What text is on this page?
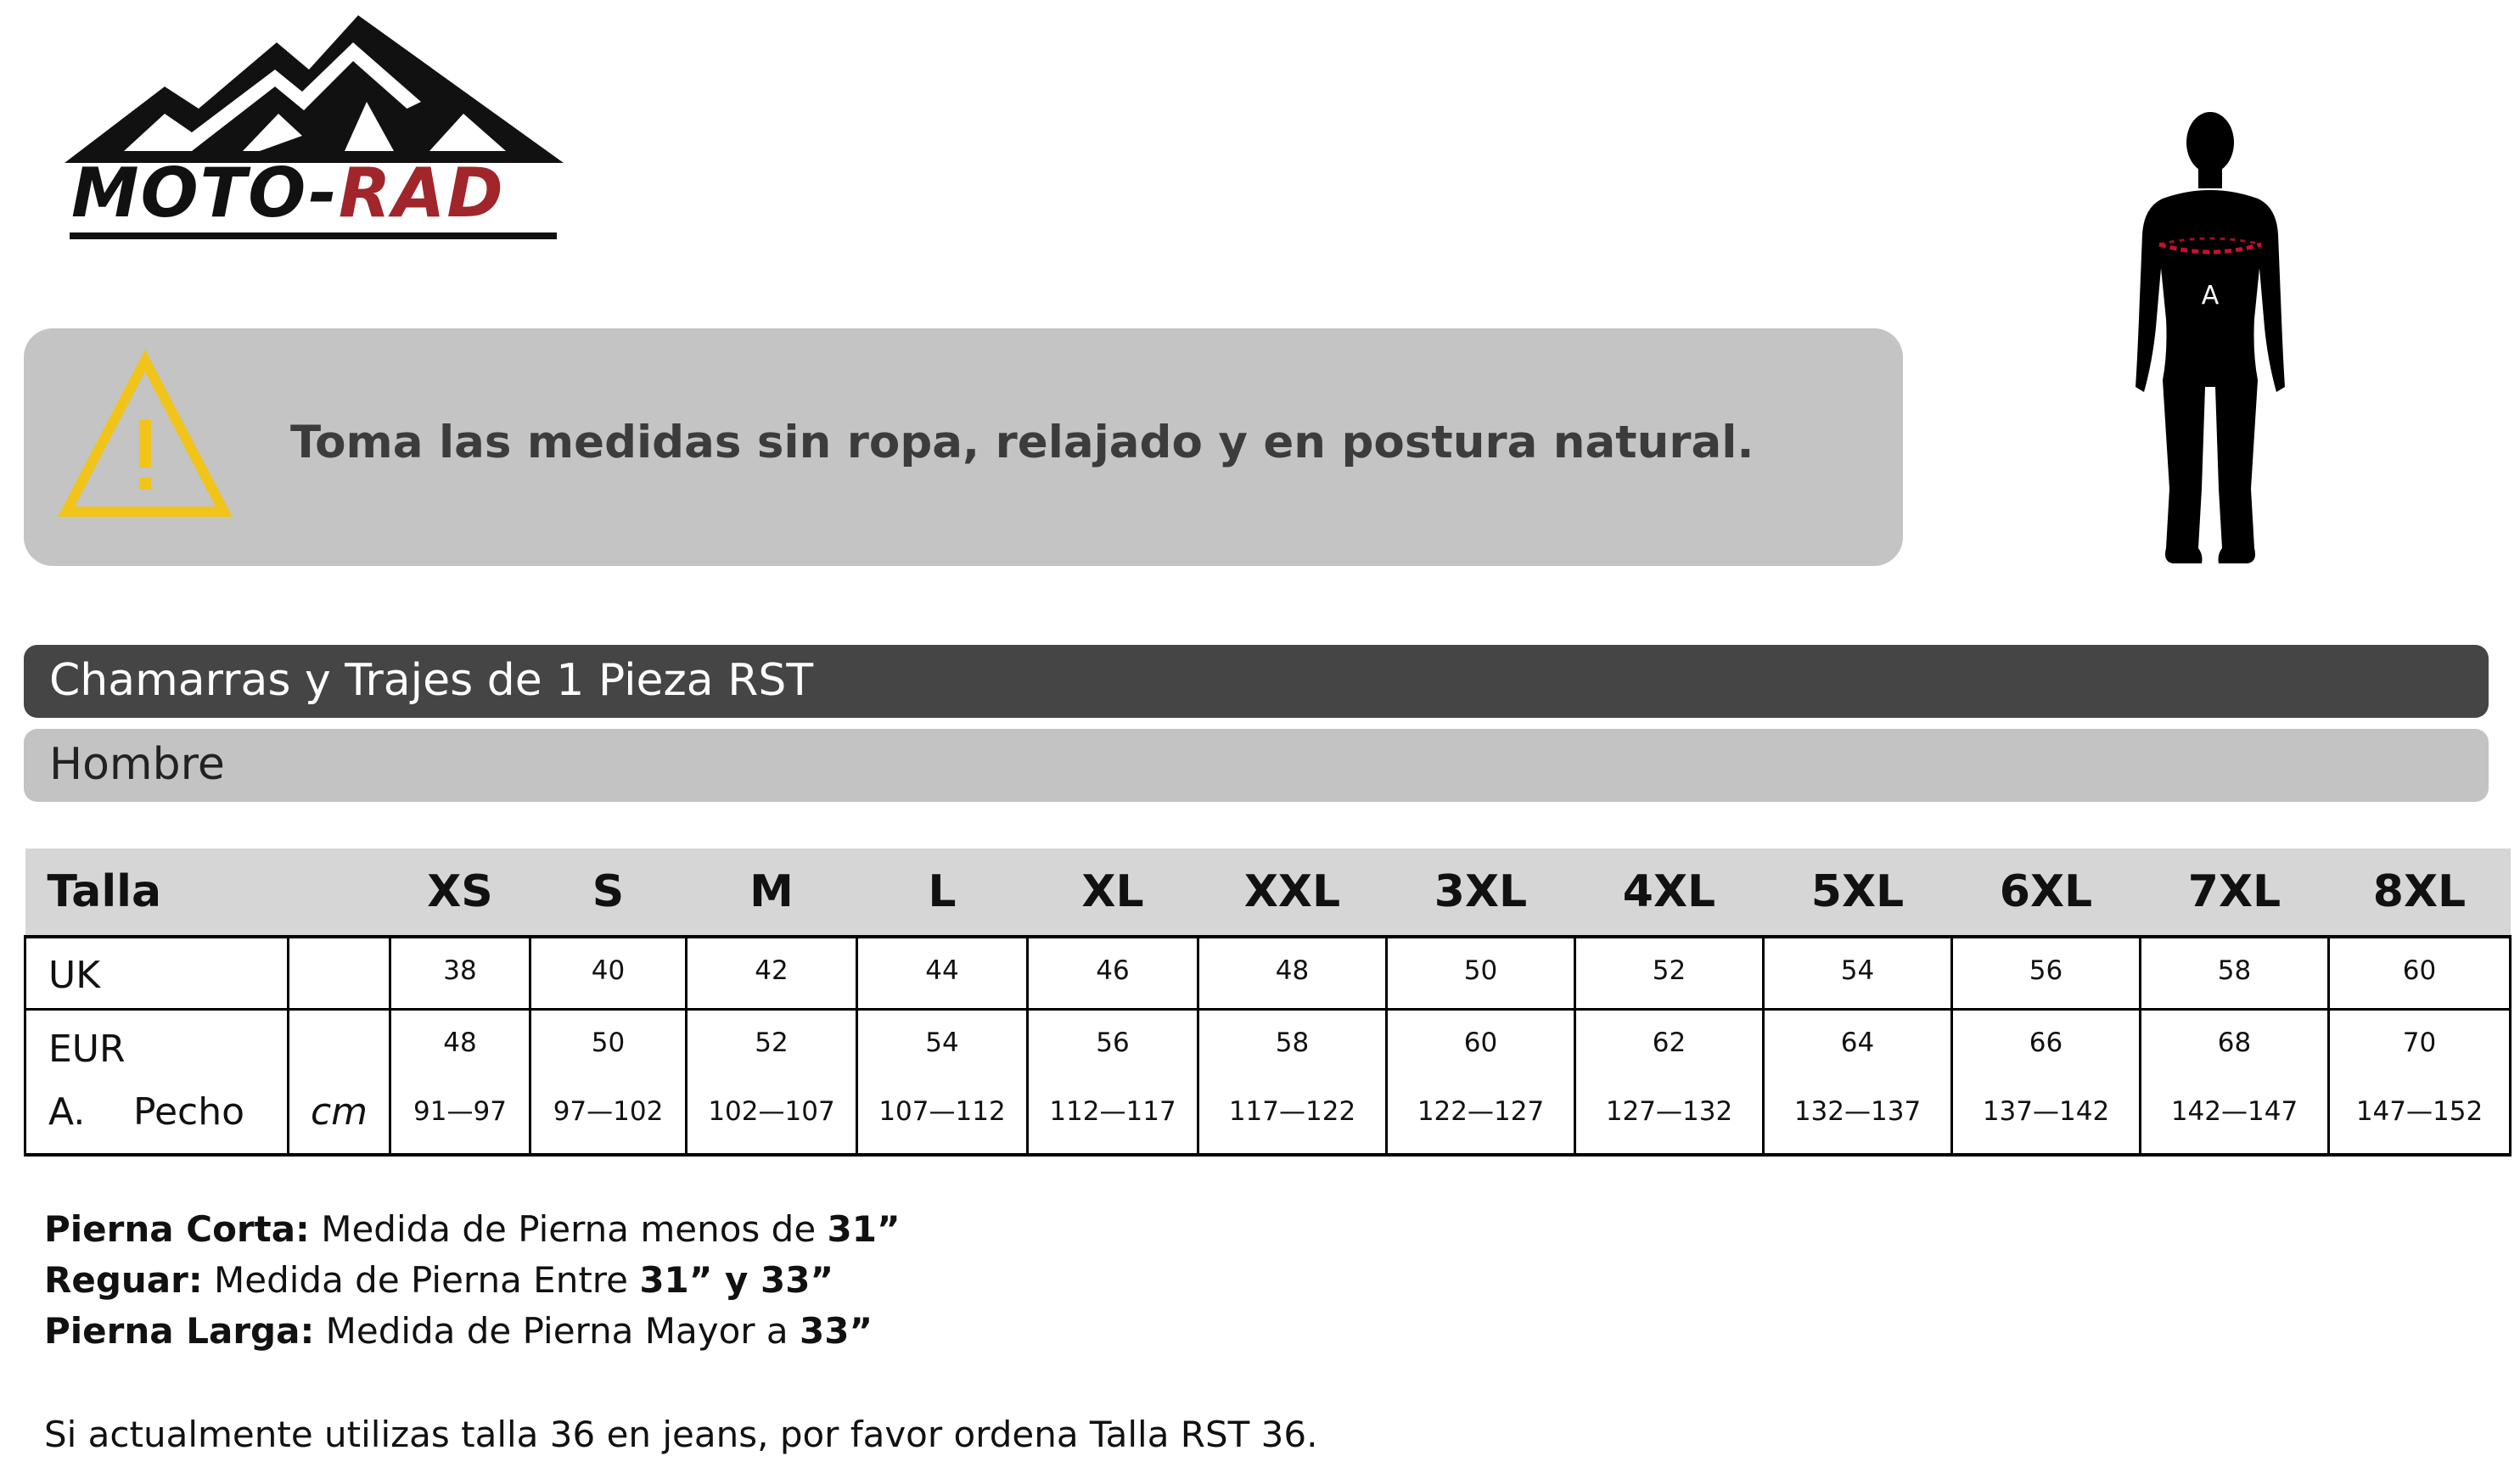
MOTO-RAD
Toma las medidas sin ropa, relajado y en postura natural.
A
Chamarras y Trajes de 1 Pieza RST
Hombre
Talla		XS	S	M	L	XL	XXL	3XL	4XL	5XL	6XL	7XL	8XL
UK		38	40	42	44	46	48	50	52	54	56	58	60
EUR		48	50	52	54	56	58	60	62	64	66	68	70
A. Pecho	cm	91—97	97—102	102—107	107—112	112—117	117—122	122—127	127—132	132—137	137—142	142—147	147—152
Pierna Corta: Medida de Pierna menos de 31”
Reguar: Medida de Pierna Entre 31” y 33”
Pierna Larga: Medida de Pierna Mayor a 33”
Si actualmente utilizas talla 36 en jeans, por favor ordena Talla RST 36.
